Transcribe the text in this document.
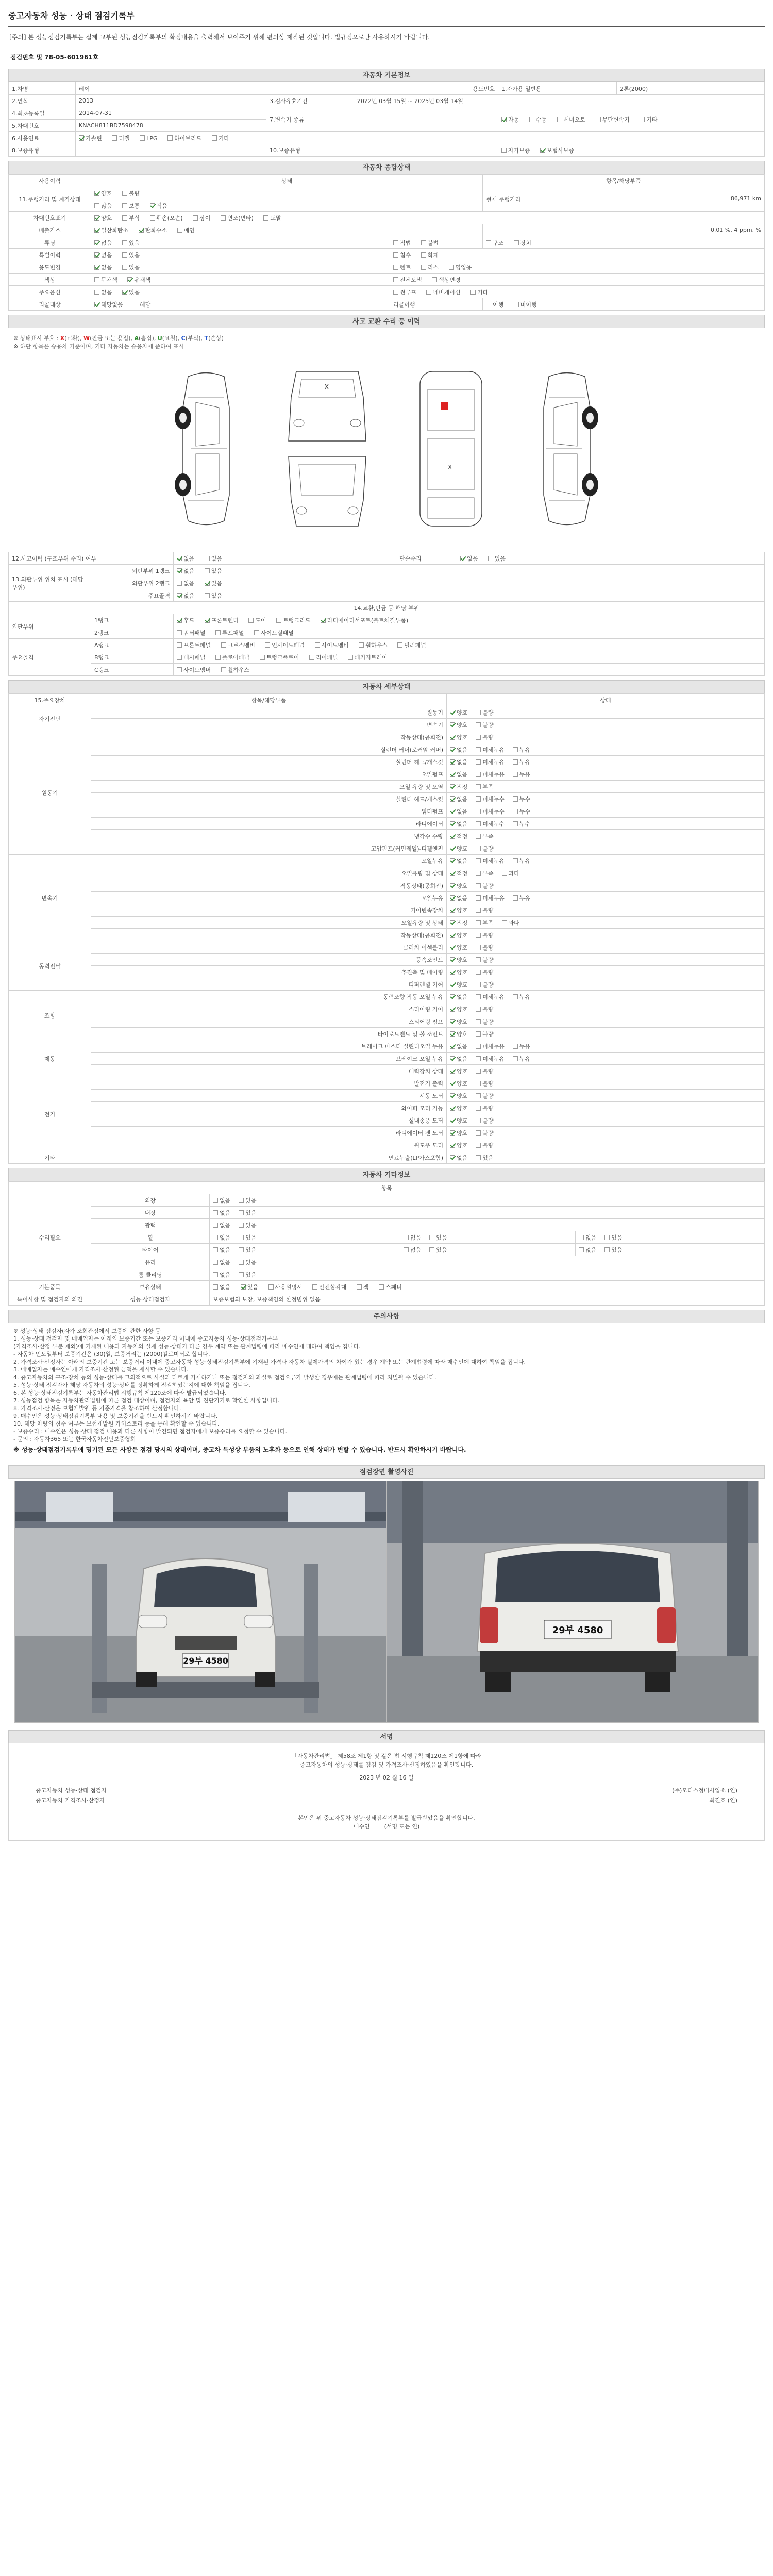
중고자동차 성능 · 상태 점검기록부
[주의] 본 성능점검기록부는 실제 교부된 성능점검기록부의 확정내용을 출력해서 보여주기 위해 편의상 제작된 것입니다. 법규정으로만 사용하시기 바랍니다.
점검번호 및 78-05-601961호
자동차 기본정보
1.차명	레이	용도번호		1.자가용 일반용	2톤(2000)
2.연식	2013	3.검사유효기간	2022년 03월 15일 ~ 2025년 03월 14일		
4.최초등록일	2014-07-31	7.변속기 종류		자동 수동 세미오토 무단변속기 기타	
5.차대번호	KNACH811BD7598478				
6.사용연료	가솔린 디젤 LPG 하이브리드 기타				
8.보증유형		10.보증유형		자가보증 보험사보증	
자동차 종합상태
사용이력	상태		항목/해당부품
11.주행거리 및 계기상태	양호 불량		현재 주행거리 86,971 km

	많음 보통 적음		
차대번호표기	양호 부식 훼손(오손) 상이 변조(변타) 도말		
배출가스	일산화탄소 탄화수소 매연		0.01 %, 4 ppm, %
튜닝	없음 있음	적법 불법	구조 장치
특별이력	없음 있음	침수 화재	
용도변경	없음 있음	렌트 리스 영업용	
색상	무채색 유채색	전체도색 색상변경	
주요옵션	없음 있음	썬루프 네비게이션 기타	
리콜대상	해당없음 해당	리콜이행	이행 미이행
사고 교환 수리 등 이력
※ 상태표시 부호 : X(교환), W(판금 또는 용접), A(흠집), U(요철), C(부식), T(손상)
※ 하단 항목은 승용차 기준이며, 기타 자동차는 승용차에 준하여 표시
X
X
12.사고이력 (구조부위 수리) 여부		없음 있음	단순수리	없음 있음
13.외판부위 위치 표시 (해당부위)	외판부위 1랭크	없음 있음		
	외판부위 2랭크	없음 있음		
	주요골격	없음 있음		
14.교환,판금 등 해당 부위				
외판부위	1랭크	후드 프론트펜더 도어 트렁크리드 라디에이터서포트(볼트체결부품)		
	2랭크	쿼터패널 루프패널 사이드실패널		
주요골격	A랭크	프론트패널 크로스멤버 인사이드패널 사이드멤버 휠하우스 필러패널		
	B랭크	대시패널 플로어패널 트렁크플로어 리어패널 패키지트레이		
	C랭크	사이드멤버 휠하우스		
자동차 세부상태
15.주요장치	항목/해당부품	상태
자기진단	원동기	양호 불량
	변속기	양호 불량
원동기	작동상태(공회전)	양호 불량
	실린더 커버(로커암 커버)	없음 미세누유 누유
	실린더 헤드/개스킷	없음 미세누유 누유
	오일펌프	없음 미세누유 누유
	오일 유량 및 오염	적정 부족
	실린더 헤드/개스킷	없음 미세누수 누수
	워터펌프	없음 미세누수 누수
	라디에이터	없음 미세누수 누수
	냉각수 수량	적정 부족
	고압펌프(커먼레일)-디젤엔진	양호 불량
변속기	오일누유	없음 미세누유 누유
	오일유량 및 상태	적정 부족 과다
	작동상태(공회전)	양호 불량
	오일누유	없음 미세누유 누유
	기어변속장치	양호 불량
	오일유량 및 상태	적정 부족 과다
	작동상태(공회전)	양호 불량
동력전달	클러치 어셈블리	양호 불량
	등속조인트	양호 불량
	추진축 및 베어링	양호 불량
	디퍼렌셜 기어	양호 불량
조향	동력조향 작동 오일 누유	없음 미세누유 누유
	스티어링 기어	양호 불량
	스티어링 펌프	양호 불량
	타이로드엔드 및 볼 조인트	양호 불량
제동	브레이크 마스터 실린더오일 누유	없음 미세누유 누유
	브레이크 오일 누유	없음 미세누유 누유
	배력장치 상태	양호 불량
전기	발전기 출력	양호 불량
	시동 모터	양호 불량
	와이퍼 모터 기능	양호 불량
	실내송풍 모터	양호 불량
	라디에이터 팬 모터	양호 불량
	윈도우 모터	양호 불량
기타	연료누출(LP가스포함)	없음 있음
자동차 기타정보
항목				
수리필요	외장	없음 있음		
	내장	없음 있음		
	광택	없음 있음		
	휠	없음 있음	없음 있음	없음 있음
	타이어	없음 있음	없음 있음	없음 있음
	유리	없음 있음		
	룸 클리닝	없음 있음		
기본품목	보유상태	없음 있음 사용설명서 안전삼각대 잭 스패너		
특이사항 및 점검자의 의견	성능·상태점검자	보증보험의 보장, 보증책임의 한정범위 없음		
주의사항

※ 성능·상태 점검자(자가 조회관점에서 보증에 관한 사항 등

1. 성능·상태 점검자 및 매매업자는 아래의 보증기간 또는 보증거리 이내에 중고자동차 성능·상태점검기록부

(가격조사·산정 부분 제외)에 기재된 내용과 자동차의 실제 성능·상태가 다른 경우 계약 또는 관계법령에 따라 매수인에 대하여 책임을 집니다.

- 자동차 인도일부터 보증기간은 (30)일, 보증거리는 (2000)킬로미터로 합니다.

2. 가격조사·산정자는 아래의 보증기간 또는 보증거리 이내에 중고자동차 성능·상태점검기록부에 기재된 가격과 자동차 실제가격의 차이가 있는 경우 계약 또는 관계법령에 따라 매수인에 대하여 책임을 집니다.

3. 매매업자는 매수인에게 가격조사·산정된 금액을 제시할 수 있습니다.

4. 중고자동차의 구조·장치 등의 성능·상태를 고의적으로 사실과 다르게 기재하거나 또는 점검자의 과실로 점검오류가 발생한 경우에는 관계법령에 따라 처벌될 수 있습니다.

5. 성능·상태 점검자가 해당 자동차의 성능·상태를 정확하게 점검하였는지에 대한 책임을 집니다.

6. 본 성능·상태점검기록부는 자동차관리법 시행규칙 제120조에 따라 발급되었습니다.

7. 성능점검 항목은 자동차관리법령에 따른 점검 대상이며, 점검자의 육안 및 진단기기로 확인한 사항입니다.

8. 가격조사·산정은 보험개발원 등 기준가격을 참조하여 산정합니다.

9. 매수인은 성능·상태점검기록부 내용 및 보증기간을 반드시 확인하시기 바랍니다.

10. 해당 차량의 침수 여부는 보험개발원 카히스토리 등을 통해 확인할 수 있습니다.

- 보증수리 : 매수인은 성능·상태 점검 내용과 다른 사항이 발견되면 점검자에게 보증수리를 요청할 수 있습니다.

- 문의 : 자동차365 또는 한국자동차진단보증협회

※ 성능·상태점검기록부에 명기된 모든 사항은 점검 당시의 상태이며, 중고차 특성상 부품의 노후화 등으로 인해 상태가 변할 수 있습니다. 반드시 확인하시기 바랍니다.

점검장면 촬영사진
29부 4580
29부 4580
서명
「자동차관리법」 제58조 제1항 및 같은 법 시행규칙 제120조 제1항에 따라
중고자동차의 성능·상태를 점검 및 가격조사·산정하였음을 확인합니다.
2023 년 02 월 16 일
중고자동차 성능·상태 점검자	(주)모터스정비사업소 (인)
중고자동차 가격조사·산정자	최진호 (인)
본인은 위 중고자동차 성능·상태점검기록부를 발급받았음을 확인합니다.
매수인	(서명 또는 인)
